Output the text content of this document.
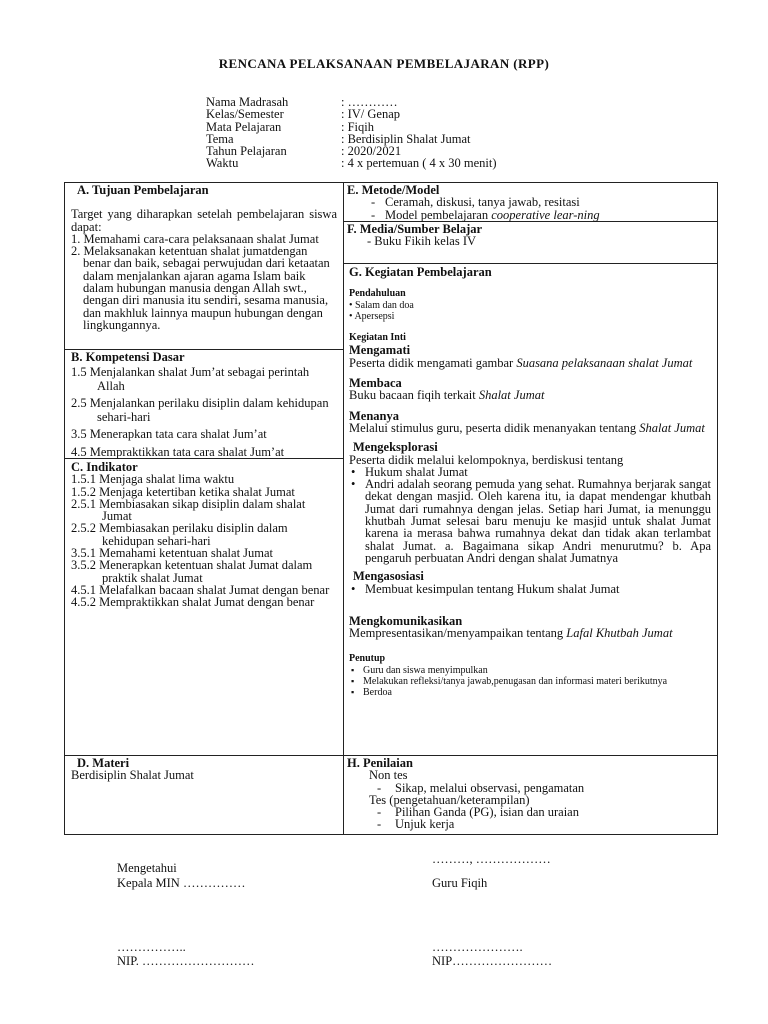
RENCANA PELAKSANAAN PEMBELAJARAN (RPP)
Nama Madrasah	: …………
Kelas/Semester	: IV/ Genap
Mata Pelajaran	: Fiqih
Tema	: Berdisiplin Shalat Jumat
Tahun Pelajaran	: 2020/2021
Waktu	: 4 x pertemuan ( 4 x 30 menit)
A. Tujuan Pembelajaran
Target yang diharapkan setelah pembelajaran siswa dapat:
1. Memahami cara-cara pelaksanaan shalat Jumat
2. Melaksanakan ketentuan shalat jumatdengan benar dan baik, sebagai perwujudan dari ketaatan dalam menjalankan ajaran agama Islam baik dalam hubungan manusia dengan Allah swt., dengan diri manusia itu sendiri, sesama manusia, dan makhluk lainnya maupun hubungan dengan lingkungannya.
B. Kompetensi Dasar
1.5 Menjalankan shalat Jum’at sebagai perintah Allah
2.5 Menjalankan perilaku disiplin dalam kehidupan sehari-hari
3.5 Menerapkan tata cara shalat Jum’at
4.5 Mempraktikkan tata cara shalat Jum’at
C. Indikator
1.5.1 Menjaga shalat lima waktu
1.5.2 Menjaga ketertiban ketika shalat Jumat
2.5.1 Membiasakan sikap disiplin dalam shalat Jumat
2.5.2 Membiasakan perilaku disiplin dalam kehidupan sehari-hari
3.5.1 Memahami ketentuan shalat Jumat
3.5.2 Menerapkan ketentuan shalat Jumat dalam praktik shalat Jumat
4.5.1 Melafalkan bacaan shalat Jumat dengan benar
4.5.2 Mempraktikkan shalat Jumat dengan benar
D. Materi
Berdisiplin Shalat Jumat
E. Metode/Model
- Ceramah, diskusi, tanya jawab, resitasi
- Model pembelajaran cooperative lear-ning
F. Media/Sumber Belajar
- Buku Fikih kelas IV
G. Kegiatan Pembelajaran
Pendahuluan
• Salam dan doa
• Apersepsi
Kegiatan Inti
Mengamati
Peserta didik mengamati gambar Suasana pelaksanaan shalat Jumat
Membaca
Buku bacaan fiqih terkait Shalat Jumat
Menanya
Melalui stimulus guru, peserta didik menanyakan tentang Shalat Jumat
Mengeksplorasi
Peserta didik melalui kelompoknya, berdiskusi tentang
• Hukum shalat Jumat
• Andri adalah seorang pemuda yang sehat. Rumahnya berjarak sangat dekat dengan masjid. Oleh karena itu, ia dapat mendengar khutbah Jumat dari rumahnya dengan jelas. Setiap hari Jumat, ia menunggu khutbah Jumat selesai baru menuju ke masjid untuk shalat Jumat karena ia merasa bahwa rumahnya dekat dan tidak akan terlambat shalat Jumat. a. Bagaimana sikap Andri menurutmu? b. Apa pengaruh perbuatan Andri dengan shalat Jumatnya
Mengasosiasi
• Membuat kesimpulan tentang Hukum shalat Jumat
Mengkomunikasikan
Mempresentasikan/menyampaikan tentang Lafal Khutbah Jumat
Penutup
▪ Guru dan siswa menyimpulkan
▪ Melakukan refleksi/tanya jawab,penugasan dan informasi materi berikutnya
▪ Berdoa
H. Penilaian
Non tes
- Sikap, melalui observasi, pengamatan
Tes (pengetahuan/keterampilan)
- Pilihan Ganda (PG), isian dan uraian
- Unjuk kerja
………, ………………
Mengetahui
Kepala MIN ……………	Guru Fiqih
……………..	………………….
NIP. ………………………	NIP……………………
